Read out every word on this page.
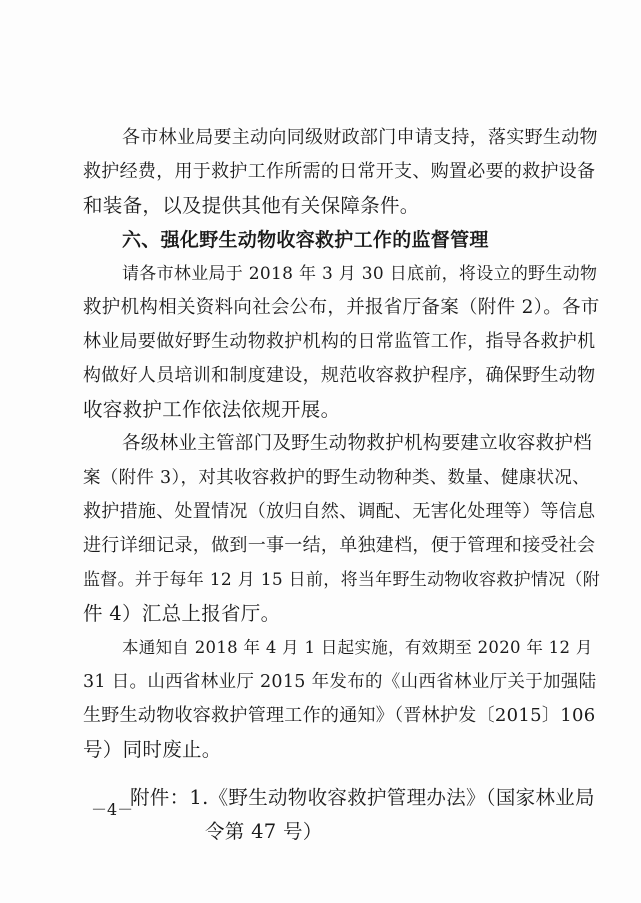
各市林业局要主动向同级财政部门申请支持，落实野生动物
救护经费，用于救护工作所需的日常开支、购置必要的救护设备
和装备，以及提供其他有关保障条件。
六、强化野生动物收容救护工作的监督管理
请各市林业局于 2018 年 3 月 30 日底前，将设立的野生动物
救护机构相关资料向社会公布，并报省厅备案（附件 2）。各市
林业局要做好野生动物救护机构的日常监管工作，指导各救护机
构做好人员培训和制度建设，规范收容救护程序，确保野生动物
收容救护工作依法依规开展。
各级林业主管部门及野生动物救护机构要建立收容救护档
案（附件 3），对其收容救护的野生动物种类、数量、健康状况、
救护措施、处置情况（放归自然、调配、无害化处理等）等信息
进行详细记录，做到一事一结，单独建档，便于管理和接受社会
监督。并于每年 12 月 15 日前，将当年野生动物收容救护情况（附
件 4）汇总上报省厅。
本通知自 2018 年 4 月 1 日起实施，有效期至 2020 年 12 月
31 日。山西省林业厅 2015 年发布的《山西省林业厅关于加强陆
生野生动物收容救护管理工作的通知》（晋林护发〔2015〕106
号）同时废止。
附件：1.《野生动物收容救护管理办法》（国家林业局
令第 47 号）
－4－
